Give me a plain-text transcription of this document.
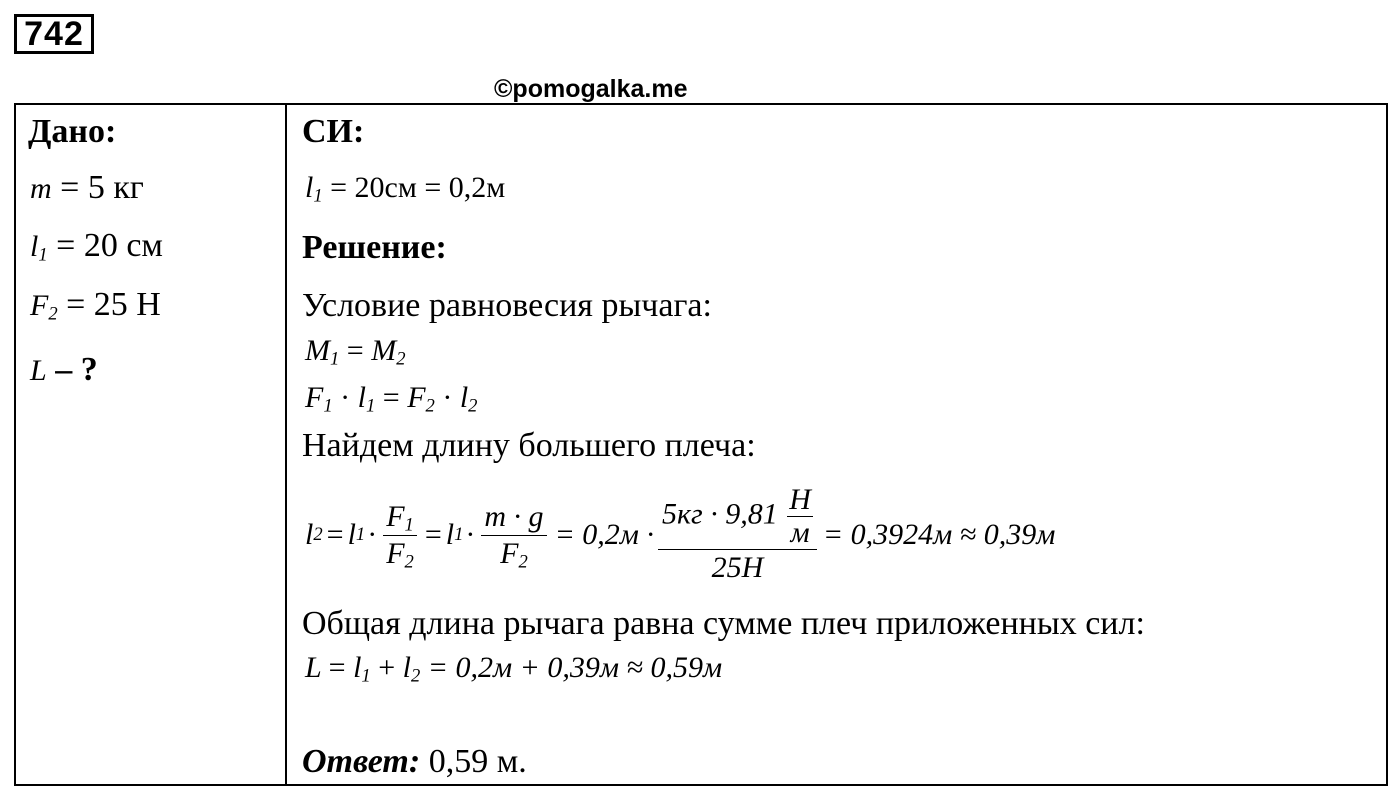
742
©pomogalka.me
Дано:
m = 5 кг
$l_1 = 20$ см
$F_2 = 25$ Н
L – ?
СИ:
$l_1 = 20см = 0,2м$
Решение:
Условие равновесия рычага:
$M_1 = M_2$
$F_1 \cdot l_1 = F_2 \cdot l_2$
Найдем длину большего плеча:
l 2 = l $1 \cdot \frac{F_1}{F_2} = l$ $1 \cdot \frac{m \cdot g}{F_2} = 0,2м \cdot \frac{5кг \cdot 9,81 \frac{Н}{м}}{25Н} = 0,3924м \approx 0,39м$
Общая длина рычага равна сумме плеч приложенных сил:
$L = l_1 + l_2 = 0,2м + 0,39м \approx 0,59м$
Ответ: 0,59 м.
